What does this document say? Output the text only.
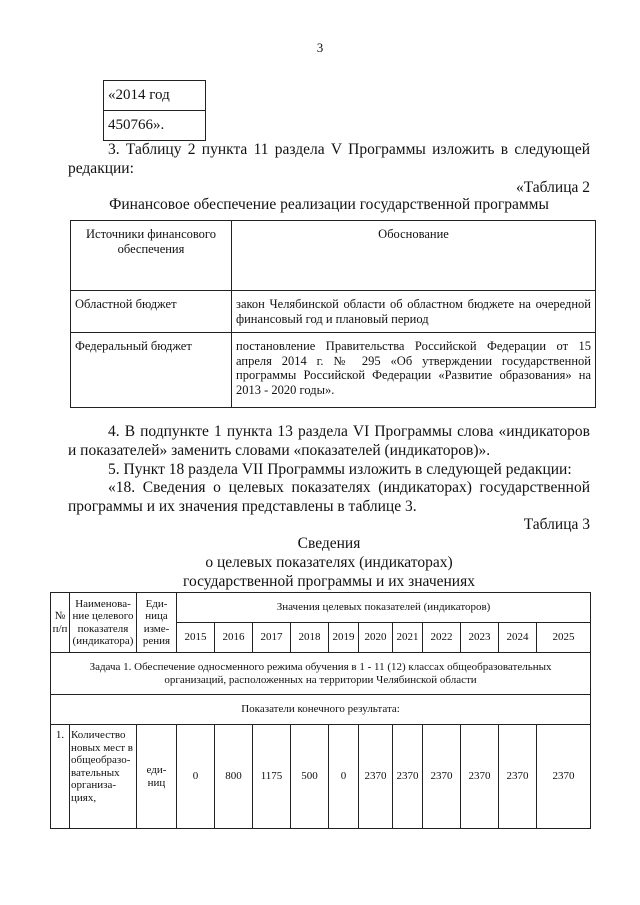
3
«2014 год
450766».
3. Таблицу 2 пункта 11 раздела V Программы изложить в следующей редакции:
«Таблица 2
Финансовое обеспечение реализации государственной программы
Источники финансового обеспечения	Обоснование
Областной бюджет	закон Челябинской области об областном бюджете на очередной финансовый год и плановый период
Федеральный бюджет	постановление Правительства Российской Федерации от 15 апреля 2014 г. № 295 «Об утверждении государственной программы Российской Федерации «Развитие образования» на 2013 - 2020 годы».
4. В подпункте 1 пункта 13 раздела VI Программы слова «индикаторов и показателей» заменить словами «показателей (индикаторов)».
5. Пункт 18 раздела VII Программы изложить в следующей редакции:
«18. Сведения о целевых показателях (индикаторах) государственной программы и их значения представлены в таблице 3.
Таблица 3
Сведения
о целевых показателях (индикаторах)
государственной программы и их значениях
№ п/п	Наименова-ние целевого показателя (индикатора)	Еди-ница изме-рения	Значения целевых показателей (индикаторов)										
			2015	2016	2017	2018	2019	2020	2021	2022	2023	2024	2025

Задача 1. Обеспечение односменного режима обучения в 1 - 11 (12) классах общеобразовательных
организаций, расположенных на территории Челябинской области													

Показатели конечного результата:													
1.	Количество новых мест в общеобразо-вательных организа-циях,	еди-ниц	0	800	1175	500	0	2370	2370	2370	2370	2370	2370
